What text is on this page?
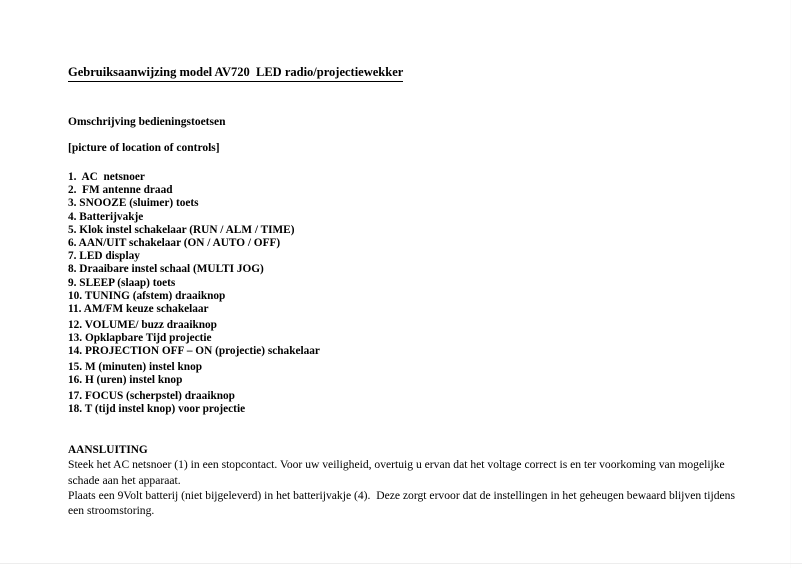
Gebruiksaanwijzing model AV720  LED radio/projectiewekker
Omschrijving bedieningstoetsen

[picture of location of controls]

1.  AC  netsnoer
2.  FM antenne draad
3. SNOOZE (sluimer) toets
4. Batterijvakje
5. Klok instel schakelaar (RUN / ALM / TIME)
6. AAN/UIT schakelaar (ON / AUTO / OFF)
7. LED display
8. Draaibare instel schaal (MULTI JOG)
9. SLEEP (slaap) toets
10. TUNING (afstem) draaiknop
11. AM/FM keuze schakelaar
12. VOLUME/ buzz draaiknop
13. Opklapbare Tijd projectie
14. PROJECTION OFF – ON (projectie) schakelaar
15. M (minuten) instel knop
16. H (uren) instel knop
17. FOCUS (scherpstel) draaiknop
18. T (tijd instel knop) voor projectie
AANSLUITING

Steek het AC netsnoer (1) in een stopcontact. Voor uw veiligheid, overtuig u ervan dat het voltage correct is en ter voorkoming van mogelijke schade aan het apparaat.

Plaats een 9Volt batterij (niet bijgeleverd) in het batterijvakje (4).  Deze zorgt ervoor dat de instellingen in het geheugen bewaard blijven tijdens een stroomstoring.
